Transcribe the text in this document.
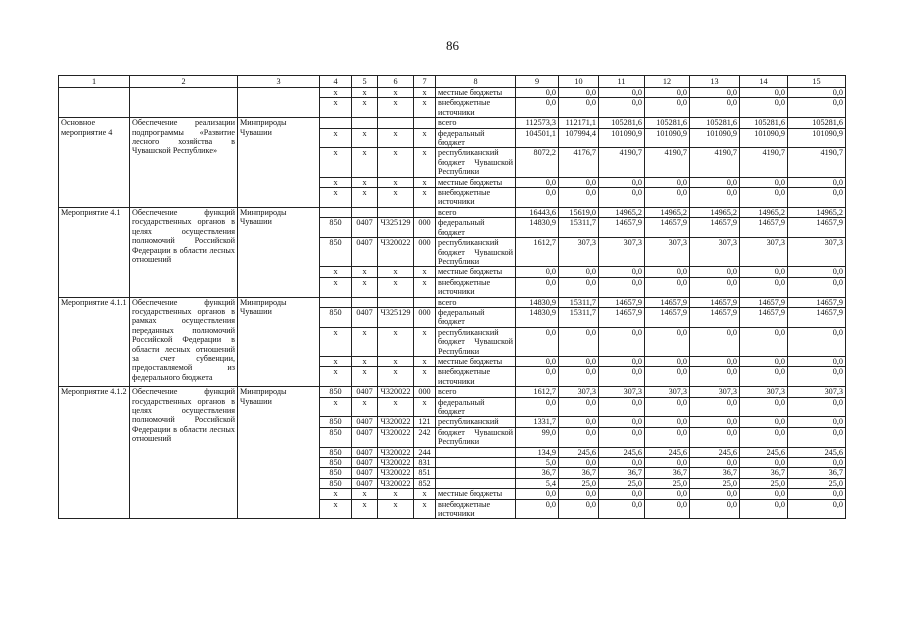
86
1	2	3	4	5	6	7	8	9	10	11	12	13	14	15
			x	x	x	x	местные бюджеты	0,0	0,0	0,0	0,0	0,0	0,0	0,0
			x	x	x	x	внебюджетные источники	0,0	0,0	0,0	0,0	0,0	0,0	0,0
Основное мероприятие 4	Обеспечение реализации подпрограммы «Развитие лесного хозяйства в Чувашской Республике»	Минприроды Чувашии					всего	112573,3	112171,1	105281,6	105281,6	105281,6	105281,6	105281,6
			x	x	x	x	федеральный бюджет	104501,1	107994,4	101090,9	101090,9	101090,9	101090,9	101090,9
			x	x	x	x	республиканский бюджет Чувашской Республики	8072,2	4176,7	4190,7	4190,7	4190,7	4190,7	4190,7
			x	x	x	x	местные бюджеты	0,0	0,0	0,0	0,0	0,0	0,0	0,0
			x	x	x	x	внебюджетные источники	0,0	0,0	0,0	0,0	0,0	0,0	0,0
Мероприятие 4.1	Обеспечение функций государственных органов в целях осуществления полномочий Российской Федерации в области лесных отношений	Минприроды Чувашии					всего	16443,6	15619,0	14965,2	14965,2	14965,2	14965,2	14965,2
			850	0407	Ч325129	000	федеральный бюджет	14830,9	15311,7	14657,9	14657,9	14657,9	14657,9	14657,9
			850	0407	Ч320022	000	республиканский бюджет Чувашской Республики	1612,7	307,3	307,3	307,3	307,3	307,3	307,3
			x	x	x	x	местные бюджеты	0,0	0,0	0,0	0,0	0,0	0,0	0,0
			x	x	x	x	внебюджетные источники	0,0	0,0	0,0	0,0	0,0	0,0	0,0
Мероприятие 4.1.1	Обеспечение функций государственных органов в рамках осуществления переданных полномочий Российской Федерации в области лесных отношений за счет субвенции, предоставляемой из федерального бюджета	Минприроды Чувашии					всего	14830,9	15311,7	14657,9	14657,9	14657,9	14657,9	14657,9
			850	0407	Ч325129	000	федеральный бюджет	14830,9	15311,7	14657,9	14657,9	14657,9	14657,9	14657,9
			x	x	x	x	республиканский бюджет Чувашской Республики	0,0	0,0	0,0	0,0	0,0	0,0	0,0
			x	x	x	x	местные бюджеты	0,0	0,0	0,0	0,0	0,0	0,0	0,0
			x	x	x	x	внебюджетные источники	0,0	0,0	0,0	0,0	0,0	0,0	0,0
Мероприятие 4.1.2	Обеспечение функций государственных органов в целях осуществления полномочий Российской Федерации в области лесных отношений	Минприроды Чувашии	850	0407	Ч320022	000	всего	1612,7	307,3	307,3	307,3	307,3	307,3	307,3
			x	x	x	x	федеральный бюджет	0,0	0,0	0,0	0,0	0,0	0,0	0,0
			850	0407	Ч320022	121	республиканский	1331,7	0,0	0,0	0,0	0,0	0,0	0,0
			850	0407	Ч320022	242	бюджет Чувашской Республики	99,0	0,0	0,0	0,0	0,0	0,0	0,0
			850	0407	Ч320022	244		134,9	245,6	245,6	245,6	245,6	245,6	245,6
			850	0407	Ч320022	831		5,0	0,0	0,0	0,0	0,0	0,0	0,0
			850	0407	Ч320022	851		36,7	36,7	36,7	36,7	36,7	36,7	36,7
			850	0407	Ч320022	852		5,4	25,0	25,0	25,0	25,0	25,0	25,0
			x	x	x	x	местные бюджеты	0,0	0,0	0,0	0,0	0,0	0,0	0,0
			x	x	x	x	внебюджетные источники	0,0	0,0	0,0	0,0	0,0	0,0	0,0
